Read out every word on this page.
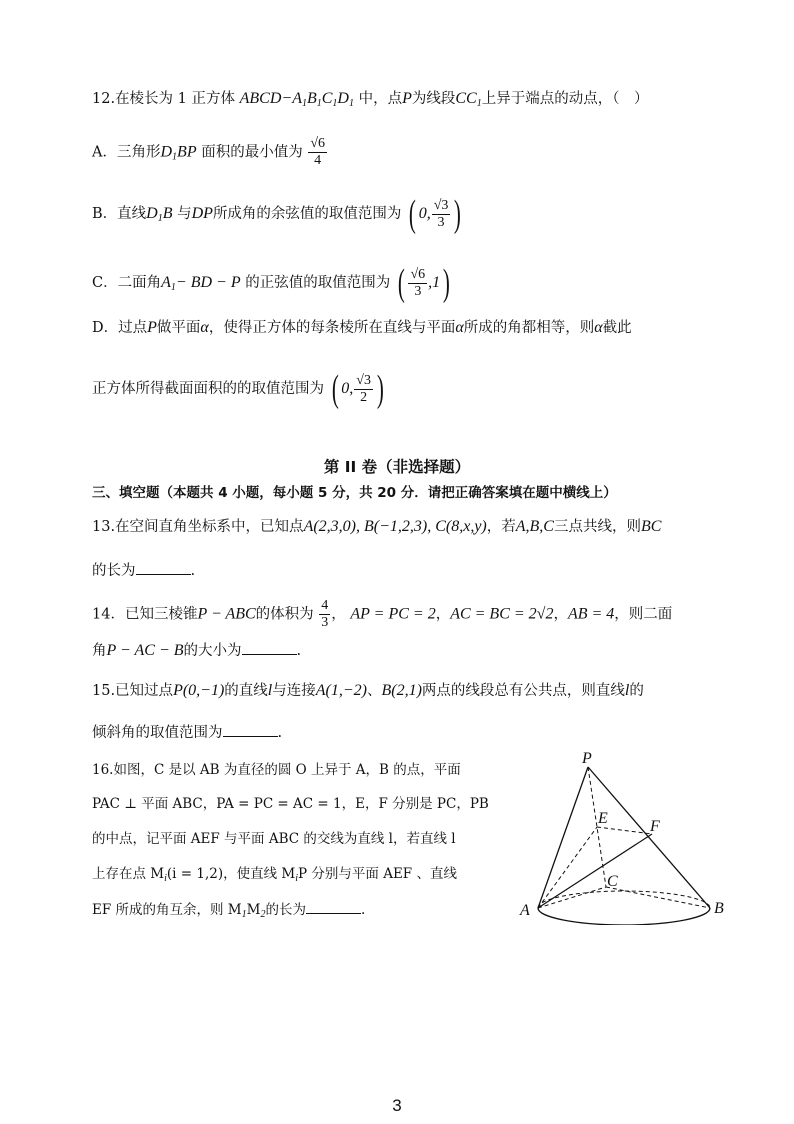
12.在棱长为 1 正方体 $ABCD-A_1B_1C_1D_1$ 中，点P为线段$CC_1$上异于端点的动点，（　）
A．三角形$D_1BP$ 面积的最小值为 $\frac{√6}{4}$
B．直线$D_1B$ 与DP所成角的余弦值的取值范围为 ( 0, $\frac{√3}{3}$ )
C．二面角$A_1-$ BD − P 的正弦值的取值范围为 ( $\frac{√6}{3} ,1$)
D．过点P做平面α，使得正方体的每条棱所在直线与平面α所成的角都相等，则α截此
正方体所得截面面积的的取值范围为 ( 0, $\frac{√3}{2}$ )
第 II 卷（非选择题）
三、填空题（本题共 4 小题，每小题 5 分，共 20 分．请把正确答案填在题中横线上）
13.在空间直角坐标系中，已知点A(2,3,0), B(−1,2,3), C(8,x,y)，若A,B,C三点共线，则BC
的长为	.
14．已知三棱锥P − ABC的体积为 $\frac{4}{3}$ ， AP = PC = 2，AC = BC = 2√2，AB = 4，则二面
角P − AC − B的大小为	.
15.已知过点P(0,−1)的直线l与连接A(1,−2)、B(2,1)两点的线段总有公共点，则直线l的
倾斜角的取值范围为	.
16.如图，C 是以 AB 为直径的圆 O 上异于 A，B 的点，平面
PAC ⊥ 平面 ABC，PA = PC = AC = 1，E，F 分别是 PC，PB
的中点，记平面 AEF 与平面 ABC 的交线为直线 l，若直线 l
上存在点 $M_i(i = 1,2)$，使直线 $M_iP$ 分别与平面 AEF 、直线
EF 所成的角互余，则 $M_1M_2$的长为	.
P
E	F
C
A	B
3
